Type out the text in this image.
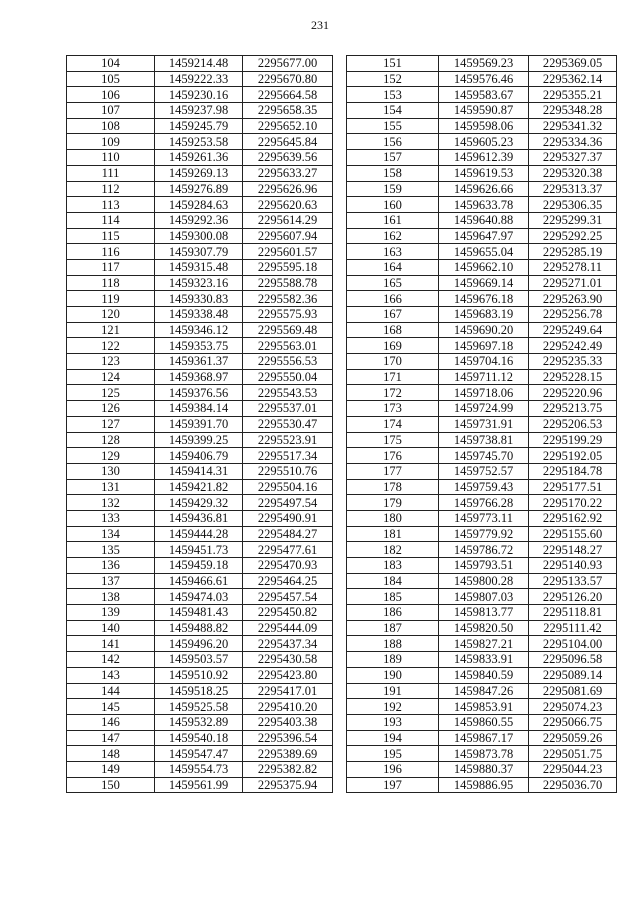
231
104	1459214.48	2295677.00
105	1459222.33	2295670.80
106	1459230.16	2295664.58
107	1459237.98	2295658.35
108	1459245.79	2295652.10
109	1459253.58	2295645.84
110	1459261.36	2295639.56
111	1459269.13	2295633.27
112	1459276.89	2295626.96
113	1459284.63	2295620.63
114	1459292.36	2295614.29
115	1459300.08	2295607.94
116	1459307.79	2295601.57
117	1459315.48	2295595.18
118	1459323.16	2295588.78
119	1459330.83	2295582.36
120	1459338.48	2295575.93
121	1459346.12	2295569.48
122	1459353.75	2295563.01
123	1459361.37	2295556.53
124	1459368.97	2295550.04
125	1459376.56	2295543.53
126	1459384.14	2295537.01
127	1459391.70	2295530.47
128	1459399.25	2295523.91
129	1459406.79	2295517.34
130	1459414.31	2295510.76
131	1459421.82	2295504.16
132	1459429.32	2295497.54
133	1459436.81	2295490.91
134	1459444.28	2295484.27
135	1459451.73	2295477.61
136	1459459.18	2295470.93
137	1459466.61	2295464.25
138	1459474.03	2295457.54
139	1459481.43	2295450.82
140	1459488.82	2295444.09
141	1459496.20	2295437.34
142	1459503.57	2295430.58
143	1459510.92	2295423.80
144	1459518.25	2295417.01
145	1459525.58	2295410.20
146	1459532.89	2295403.38
147	1459540.18	2295396.54
148	1459547.47	2295389.69
149	1459554.73	2295382.82
150	1459561.99	2295375.94
151	1459569.23	2295369.05
152	1459576.46	2295362.14
153	1459583.67	2295355.21
154	1459590.87	2295348.28
155	1459598.06	2295341.32
156	1459605.23	2295334.36
157	1459612.39	2295327.37
158	1459619.53	2295320.38
159	1459626.66	2295313.37
160	1459633.78	2295306.35
161	1459640.88	2295299.31
162	1459647.97	2295292.25
163	1459655.04	2295285.19
164	1459662.10	2295278.11
165	1459669.14	2295271.01
166	1459676.18	2295263.90
167	1459683.19	2295256.78
168	1459690.20	2295249.64
169	1459697.18	2295242.49
170	1459704.16	2295235.33
171	1459711.12	2295228.15
172	1459718.06	2295220.96
173	1459724.99	2295213.75
174	1459731.91	2295206.53
175	1459738.81	2295199.29
176	1459745.70	2295192.05
177	1459752.57	2295184.78
178	1459759.43	2295177.51
179	1459766.28	2295170.22
180	1459773.11	2295162.92
181	1459779.92	2295155.60
182	1459786.72	2295148.27
183	1459793.51	2295140.93
184	1459800.28	2295133.57
185	1459807.03	2295126.20
186	1459813.77	2295118.81
187	1459820.50	2295111.42
188	1459827.21	2295104.00
189	1459833.91	2295096.58
190	1459840.59	2295089.14
191	1459847.26	2295081.69
192	1459853.91	2295074.23
193	1459860.55	2295066.75
194	1459867.17	2295059.26
195	1459873.78	2295051.75
196	1459880.37	2295044.23
197	1459886.95	2295036.70
